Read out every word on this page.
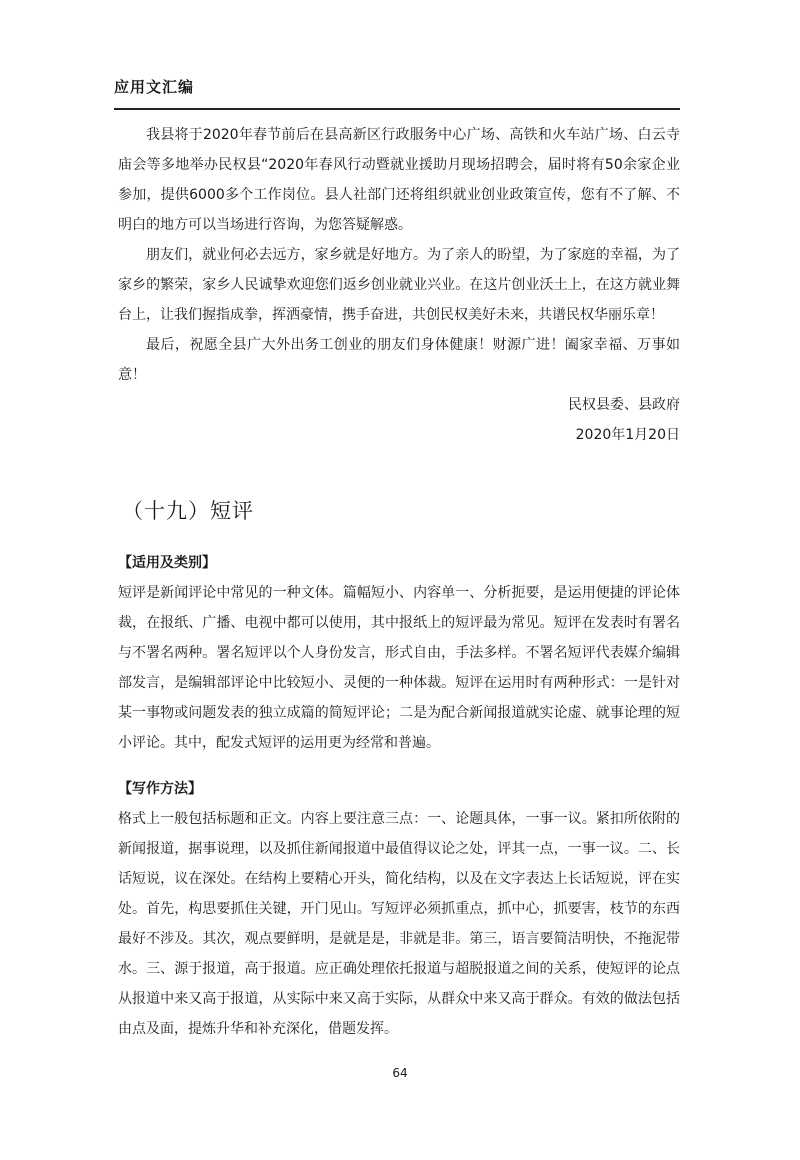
应用文汇编

我县将于2020年春节前后在县高新区行政服务中心广场、高铁和火车站广场、白云寺庙会等多地举办民权县“2020年春风行动暨就业援助月现场招聘会，届时将有50余家企业参加，提供6000多个工作岗位。县人社部门还将组织就业创业政策宣传，您有不了解、不明白的地方可以当场进行咨询，为您答疑解惑。

朋友们，就业何必去远方，家乡就是好地方。为了亲人的盼望，为了家庭的幸福，为了家乡的繁荣，家乡人民诚挚欢迎您们返乡创业就业兴业。在这片创业沃土上，在这方就业舞台上，让我们握指成拳，挥洒豪情，携手奋进，共创民权美好未来，共谱民权华丽乐章！

最后，祝愿全县广大外出务工创业的朋友们身体健康！财源广进！阖家幸福、万事如意！

民权县委、县政府
2020年1月20日
（十九）短评
【适用及类别】

短评是新闻评论中常见的一种文体。篇幅短小、内容单一、分析扼要，是运用便捷的评论体裁，在报纸、广播、电视中都可以使用，其中报纸上的短评最为常见。短评在发表时有署名与不署名两种。署名短评以个人身份发言，形式自由，手法多样。不署名短评代表媒介编辑部发言，是编辑部评论中比较短小、灵便的一种体裁。短评在运用时有两种形式：一是针对某一事物或问题发表的独立成篇的简短评论；二是为配合新闻报道就实论虚、就事论理的短小评论。其中，配发式短评的运用更为经常和普遍。

【写作方法】

格式上一般包括标题和正文。内容上要注意三点：一、论题具体，一事一议。紧扣所依附的新闻报道，据事说理，以及抓住新闻报道中最值得议论之处，评其一点，一事一议。二、长话短说，议在深处。在结构上要精心开头，简化结构，以及在文字表达上长话短说，评在实处。首先，构思要抓住关键，开门见山。写短评必须抓重点，抓中心，抓要害，枝节的东西最好不涉及。其次，观点要鲜明，是就是是，非就是非。第三，语言要简洁明快，不拖泥带水。三、源于报道，高于报道。应正确处理依托报道与超脱报道之间的关系，使短评的论点从报道中来又高于报道，从实际中来又高于实际，从群众中来又高于群众。有效的做法包括由点及面，提炼升华和补充深化，借题发挥。

64
